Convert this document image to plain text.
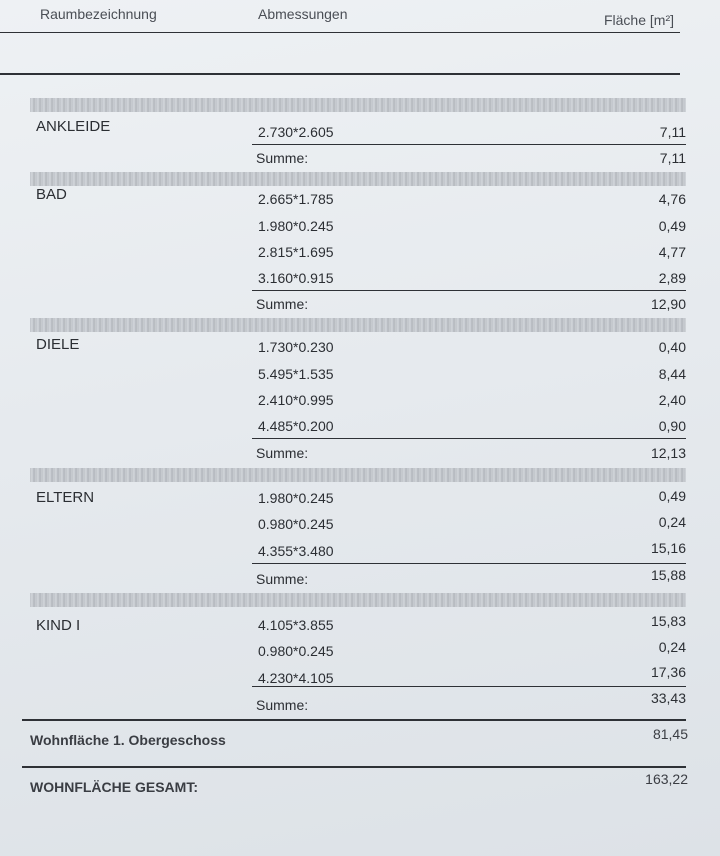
Raumbezeichnung	Abmessungen	Fläche [m²]
ANKLEIDE	2.730*2.605	7,11
Summe:	7,11
BAD	2.665*1.785	4,76
1.980*0.245	0,49
2.815*1.695	4,77
3.160*0.915	2,89
Summe:	12,90
DIELE	1.730*0.230	0,40
5.495*1.535	8,44
2.410*0.995	2,40
4.485*0.200	0,90
Summe:	12,13
ELTERN	1.980*0.245	0,49
0.980*0.245	0,24
4.355*3.480	15,16
Summe:	15,88
KIND I	4.105*3.855	15,83
0.980*0.245	0,24
4.230*4.105	17,36
Summe:	33,43
Wohnfläche 1. Obergeschoss	81,45
WOHNFLÄCHE GESAMT:	163,22
